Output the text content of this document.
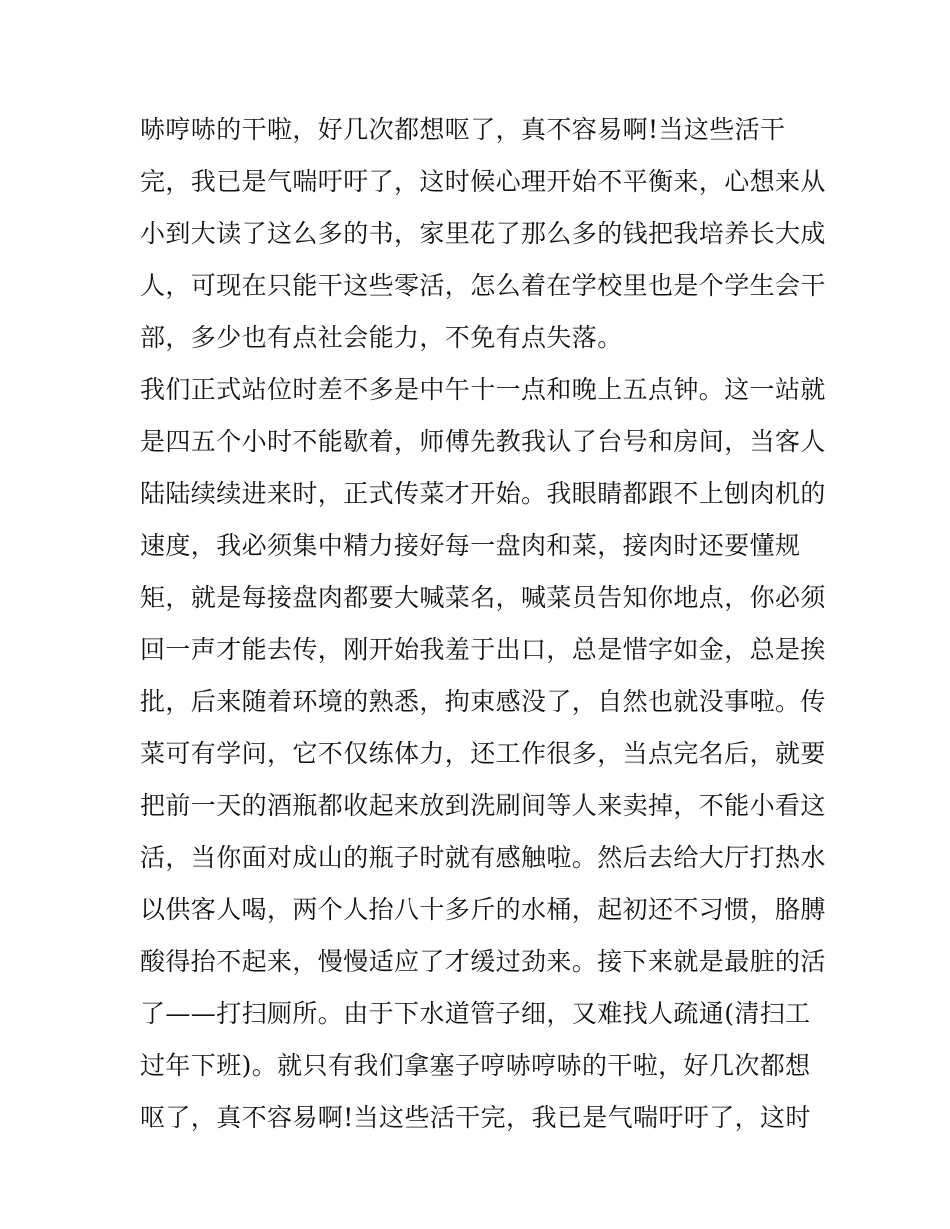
哧哼哧的干啦，好几次都想呕了，真不容易啊!当这些活干
完，我已是气喘吁吁了，这时候心理开始不平衡来，心想来从
小到大读了这么多的书，家里花了那么多的钱把我培养长大成
人，可现在只能干这些零活，怎么着在学校里也是个学生会干
部，多少也有点社会能力，不免有点失落。
我们正式站位时差不多是中午十一点和晚上五点钟。这一站就
是四五个小时不能歇着，师傅先教我认了台号和房间，当客人
陆陆续续进来时，正式传菜才开始。我眼睛都跟不上刨肉机的
速度，我必须集中精力接好每一盘肉和菜，接肉时还要懂规
矩，就是每接盘肉都要大喊菜名，喊菜员告知你地点，你必须
回一声才能去传，刚开始我羞于出口，总是惜字如金，总是挨
批，后来随着环境的熟悉，拘束感没了，自然也就没事啦。传
菜可有学问，它不仅练体力，还工作很多，当点完名后，就要
把前一天的酒瓶都收起来放到洗刷间等人来卖掉，不能小看这
活，当你面对成山的瓶子时就有感触啦。然后去给大厅打热水
以供客人喝，两个人抬八十多斤的水桶，起初还不习惯，胳膊
酸得抬不起来，慢慢适应了才缓过劲来。接下来就是最脏的活
了——打扫厕所。由于下水道管子细，又难找人疏通(清扫工
过年下班)。就只有我们拿塞子哼哧哼哧的干啦，好几次都想
呕了，真不容易啊!当这些活干完，我已是气喘吁吁了，这时
